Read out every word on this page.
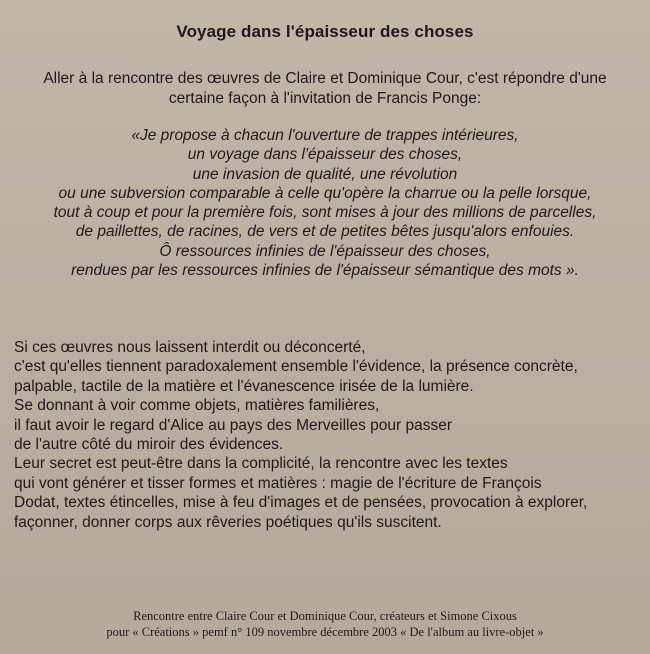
Voyage dans l'épaisseur des choses
Aller à la rencontre des œuvres de Claire et Dominique Cour, c'est répondre d'une
certaine façon à l'invitation de Francis Ponge:
«Je propose à chacun l'ouverture de trappes intérieures,
un voyage dans l'épaisseur des choses,
une invasion de qualité, une révolution
ou une subversion comparable à celle qu'opère la charrue ou la pelle lorsque,
tout à coup et pour la première fois, sont mises à jour des millions de parcelles,
de paillettes, de racines, de vers et de petites bêtes jusqu'alors enfouies.
Ô ressources infinies de l'épaisseur des choses,
rendues par les ressources infinies de l'épaisseur sémantique des mots ».
Si ces œuvres nous laissent interdit ou déconcerté,
c'est qu'elles tiennent paradoxalement ensemble l'évidence, la présence concrète,
palpable, tactile de la matière et l'évanescence irisée de la lumière.
Se donnant à voir comme objets, matières familières,
il faut avoir le regard d'Alice au pays des Merveilles pour passer
de l'autre côté du miroir des évidences.
Leur secret est peut-être dans la complicité, la rencontre avec les textes
qui vont générer et tisser formes et matières : magie de l'écriture de François
Dodat, textes étincelles, mise à feu d'images et de pensées, provocation à explorer,
façonner, donner corps aux rêveries poétiques qu'ils suscitent.
Rencontre entre Claire Cour et Dominique Cour, créateurs et Simone Cixous
pour « Créations » pemf n° 109 novembre décembre 2003 « De l'album au livre-objet »
